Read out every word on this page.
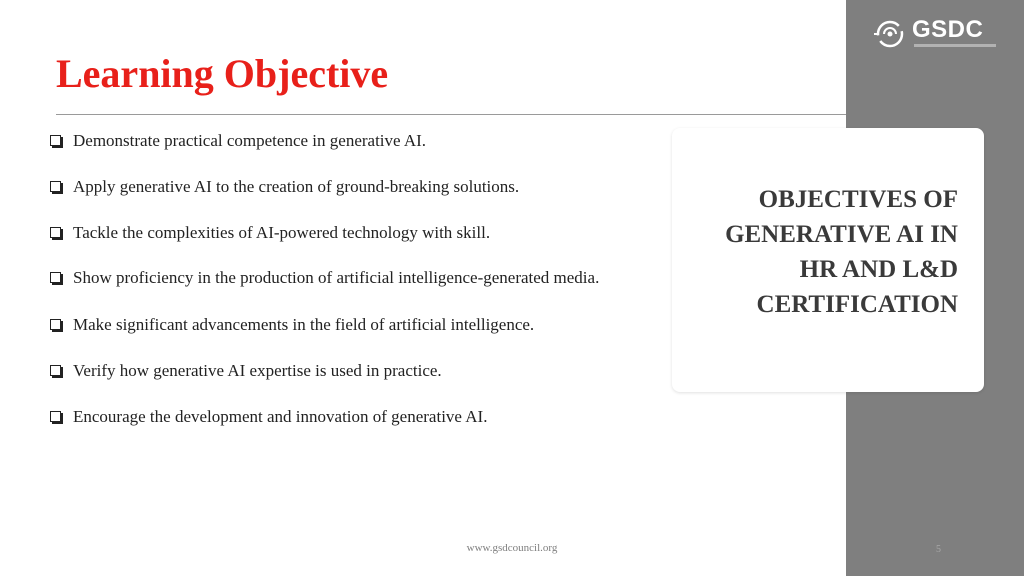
GSDC
Learning Objective
Demonstrate practical competence in generative AI.
Apply generative AI to the creation of ground-breaking solutions.
Tackle the complexities of AI-powered technology with skill.
Show proficiency in the production of artificial intelligence-generated media.
Make significant advancements in the field of artificial intelligence.
Verify how generative AI expertise is used in practice.
Encourage the development and innovation of generative AI.
OBJECTIVES OF
GENERATIVE AI IN
HR AND L&D
CERTIFICATION
www.gsdcouncil.org	5
